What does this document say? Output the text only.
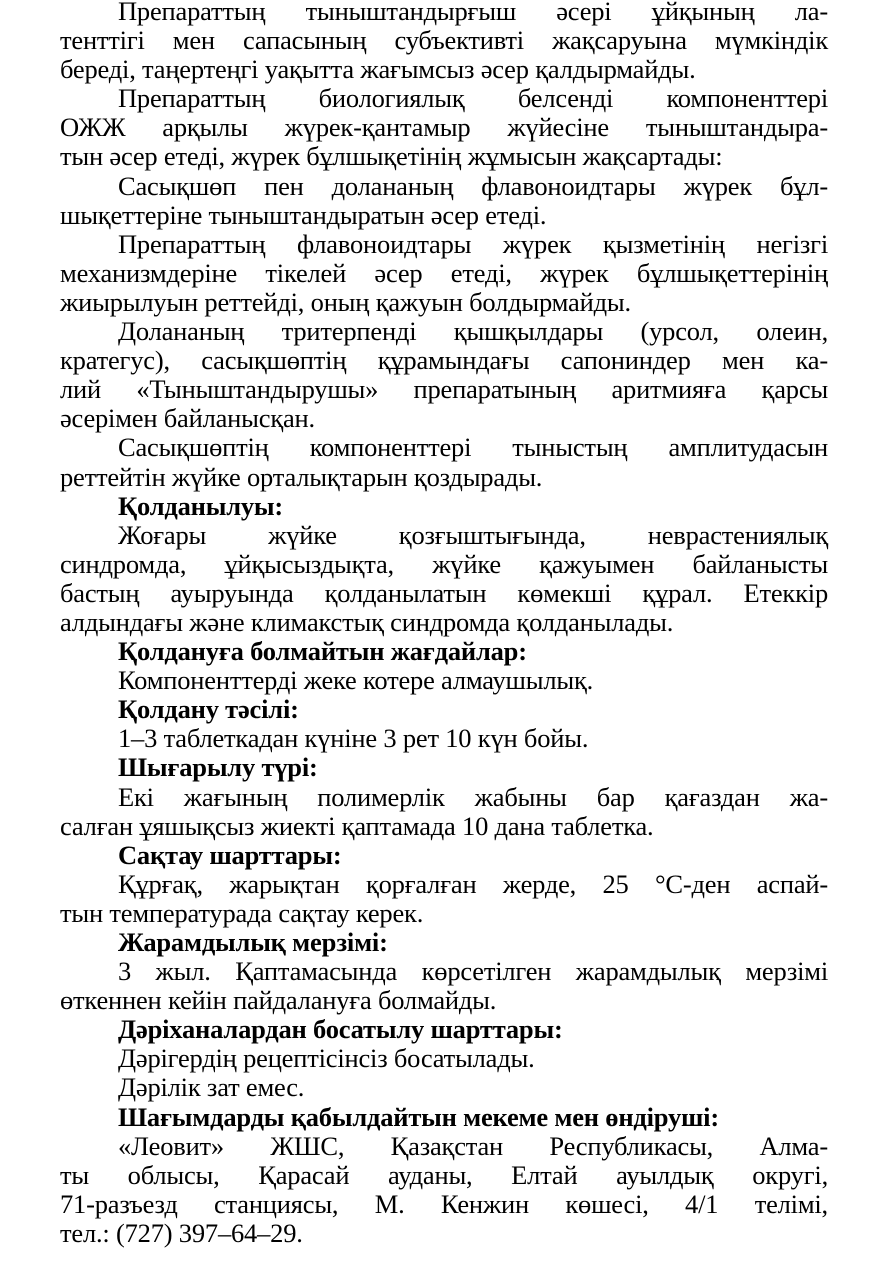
Препараттың тыныштандырғыш әсері ұйқының ла-
тенттігі мен сапасының субъективті жақсаруына мүмкіндік
береді, таңертеңгі уақытта жағымсыз әсер қалдырмайды.
Препараттың биологиялық белсенді компоненттері
ОЖЖ арқылы жүрек-қантамыр жүйесіне тыныштандыра-
тын әсер етеді, жүрек бұлшықетінің жұмысын жақсартады:
Сасықшөп пен долананың флавоноидтары жүрек бұл-
шықеттеріне тыныштандыратын әсер етеді.
Препараттың флавоноидтары жүрек қызметінің негізгі
механизмдеріне тікелей әсер етеді, жүрек бұлшықеттерінің
жиырылуын реттейді, оның қажуын болдырмайды.
Долананың тритерпенді қышқылдары (урсол, олеин,
кратегус), сасықшөптің құрамындағы сапониндер мен ка-
лий «Тыныштандырушы» препаратының аритмияға қарсы
әсерімен байланысқан.
Сасықшөптің компоненттері тыныстың амплитудасын
реттейтін жүйке орталықтарын қоздырады.
Қолданылуы:
Жоғары жүйке қозғыштығында, неврастениялық
синдромда, ұйқысыздықта, жүйке қажуымен байланысты
бастың ауыруында қолданылатын көмекші құрал. Етеккір
алдындағы және климакстық синдромда қолданылады.
Қолдануға болмайтын жағдайлар:
Компоненттерді жеке котере алмаушылық.
Қолдану тәсілі:
1–3 таблеткадан күніне 3 рет 10 күн бойы.
Шығарылу түрі:
Екі жағының полимерлік жабыны бар қағаздан жа-
салған ұяшықсыз жиекті қаптамада 10 дана таблетка.
Сақтау шарттары:
Құрғақ, жарықтан қорғалған жерде, 25 °С-ден аспай-
тын температурада сақтау керек.
Жарамдылық мерзімі:
3 жыл. Қаптамасында көрсетілген жарамдылық мерзімі
өткеннен кейін пайдалануға болмайды.
Дәріханалардан босатылу шарттары:
Дәрігердің рецептісінсіз босатылады.
Дәрілік зат емес.
Шағымдарды қабылдайтын мекеме мен өндіруші:
«Леовит» ЖШС, Қазақстан Республикасы, Алма-
ты облысы, Қарасай ауданы, Елтай ауылдық округі,
71-разъезд станциясы, М. Кенжин көшесі, 4/1 телімі,
тел.: (727) 397–64–29.
